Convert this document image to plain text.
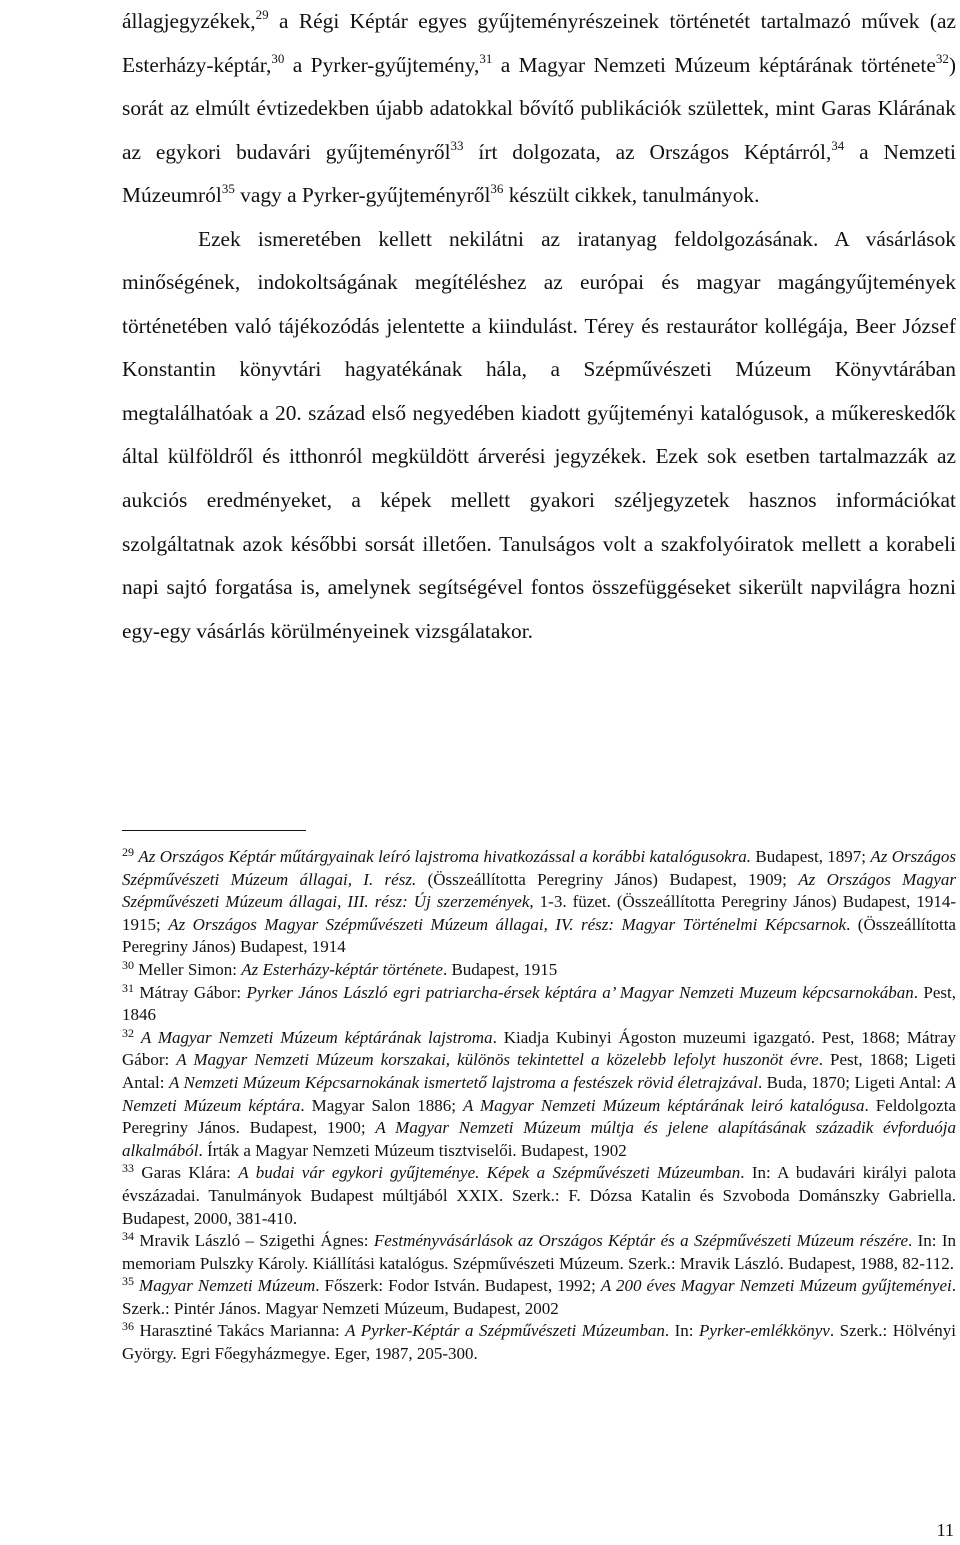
állagjegyzékek,$^{29}$ a Régi Képtár egyes gyűjteményrészeinek történetét tartalmazó művek (az Esterházy-képtár,$^{30}$ a Pyrker-gyűjtemény,$^{31}$ a Magyar Nemzeti Múzeum képtárának története$^{32}$) sorát az elmúlt évtizedekben újabb adatokkal bővítő publikációk születtek, mint Garas Klárának az egykori budavári gyűjteményről$^{33}$ írt dolgozata, az Országos Képtárról,$^{34}$ a Nemzeti Múzeumról$^{35}$ vagy a Pyrker-gyűjteményről$^{36}$ készült cikkek, tanulmányok.

Ezek ismeretében kellett nekilátni az iratanyag feldolgozásának. A vásárlások minőségének, indokoltságának megítéléshez az európai és magyar magángyűjtemények történetében való tájékozódás jelentette a kiindulást. Térey és restaurátor kollégája, Beer József Konstantin könyvtári hagyatékának hála, a Szépművészeti Múzeum Könyvtárában megtalálhatóak a 20. század első negyedében kiadott gyűjteményi katalógusok, a műkereskedők által külföldről és itthonról megküldött árverési jegyzékek. Ezek sok esetben tartalmazzák az aukciós eredményeket, a képek mellett gyakori széljegyzetek hasznos információkat szolgáltatnak azok későbbi sorsát illetően. Tanulságos volt a szakfolyóiratok mellett a korabeli napi sajtó forgatása is, amelynek segítségével fontos összefüggéseket sikerült napvilágra hozni egy-egy vásárlás körülményeinek vizsgálatakor.

$^{29}$ Az Országos Képtár műtárgyainak leíró lajstroma hivatkozással a korábbi katalógusokra. Budapest, 1897; Az Országos Szépművészeti Múzeum állagai, I. rész. (Összeállította Peregriny János) Budapest, 1909; Az Országos Magyar Szépművészeti Múzeum állagai, III. rész: Új szerzemények, 1-3. füzet. (Összeállította Peregriny János) Budapest, 1914-1915; Az Országos Magyar Szépművészeti Múzeum állagai, IV. rész: Magyar Történelmi Képcsarnok. (Összeállította Peregriny János) Budapest, 1914

$^{30}$ Meller Simon: Az Esterházy-képtár története. Budapest, 1915

$^{31}$ Mátray Gábor: Pyrker János László egri patriarcha-érsek képtára a’ Magyar Nemzeti Muzeum képcsarnokában. Pest, 1846

$^{32}$ A Magyar Nemzeti Múzeum képtárának lajstroma. Kiadja Kubinyi Ágoston muzeumi igazgató. Pest, 1868; Mátray Gábor: A Magyar Nemzeti Múzeum korszakai, különös tekintettel a közelebb lefolyt huszonöt évre. Pest, 1868; Ligeti Antal: A Nemzeti Múzeum Képcsarnokának ismertető lajstroma a festészek rövid életrajzával. Buda, 1870; Ligeti Antal: A Nemzeti Múzeum képtára. Magyar Salon 1886; A Magyar Nemzeti Múzeum képtárának leiró katalógusa. Feldolgozta Peregriny János. Budapest, 1900; A Magyar Nemzeti Múzeum múltja és jelene alapításának századik évforduója alkalmából. Írták a Magyar Nemzeti Múzeum tisztviselői. Budapest, 1902

$^{33}$ Garas Klára: A budai vár egykori gyűjteménye. Képek a Szépművészeti Múzeumban. In: A budavári királyi palota évszázadai. Tanulmányok Budapest múltjából XXIX. Szerk.: F. Dózsa Katalin és Szvoboda Dománszky Gabriella. Budapest, 2000, 381-410.

$^{34}$ Mravik László – Szigethi Ágnes: Festményvásárlások az Országos Képtár és a Szépművészeti Múzeum részére. In: In memoriam Pulszky Károly. Kiállítási katalógus. Szépművészeti Múzeum. Szerk.: Mravik László. Budapest, 1988, 82-112.

$^{35}$ Magyar Nemzeti Múzeum. Főszerk: Fodor István. Budapest, 1992; A 200 éves Magyar Nemzeti Múzeum gyűjteményei. Szerk.: Pintér János. Magyar Nemzeti Múzeum, Budapest, 2002

$^{36}$ Harasztiné Takács Marianna: A Pyrker-Képtár a Szépművészeti Múzeumban. In: Pyrker-emlékkönyv. Szerk.: Hölvényi György. Egri Főegyházmegye. Eger, 1987, 205-300.

11
